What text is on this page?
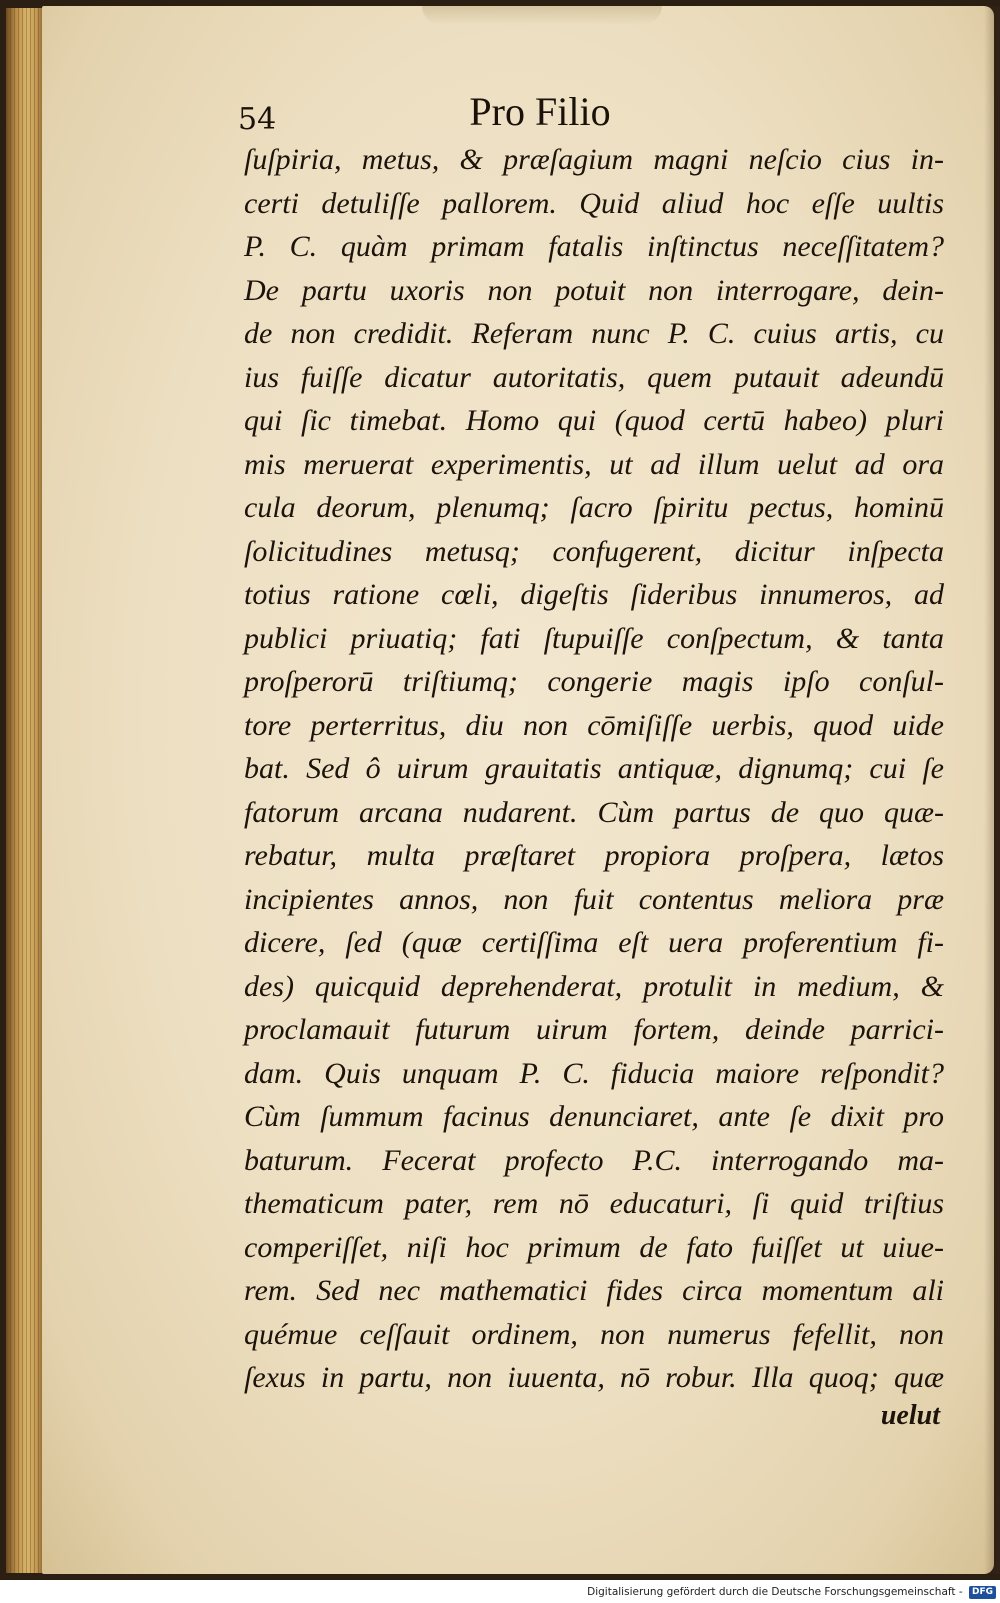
54	Pro Filio
ſuſpiria, metus, & præſagium magni neſcio cius in-
certi detuliſſe pallorem. Quid aliud hoc eſſe uultis
P. C. quàm primam fatalis inſtinctus neceſſitatem?
De partu uxoris non potuit non interrogare, dein-
de non credidit. Referam nunc P. C. cuius artis, cu
ius fuiſſe dicatur autoritatis, quem putauit adeundū
qui ſic timebat. Homo qui (quod certū habeo) pluri
mis meruerat experimentis, ut ad illum uelut ad ora
cula deorum, plenumq; ſacro ſpiritu pectus, hominū
ſolicitudines metusq; confugerent, dicitur inſpecta
totius ratione cœli, digeſtis ſideribus innumeros, ad
publici priuatiq; fati ſtupuiſſe conſpectum, & tanta
proſperorū triſtiumq; congerie magis ipſo conſul-
tore perterritus, diu non cōmiſiſſe uerbis, quod uide
bat. Sed ô uirum grauitatis antiquæ, dignumq; cui ſe
fatorum arcana nudarent. Cùm partus de quo quæ-
rebatur, multa præſtaret propiora proſpera, lætos
incipientes annos, non fuit contentus meliora præ
dicere, ſed (quæ certiſſima eſt uera proferentium fi-
des) quicquid deprehenderat, protulit in medium, &
proclamauit futurum uirum fortem, deinde parrici-
dam. Quis unquam P. C. fiducia maiore reſpondit?
Cùm ſummum facinus denunciaret, ante ſe dixit pro
baturum. Fecerat profecto P.C. interrogando ma-
thematicum pater, rem nō educaturi, ſi quid triſtius
comperiſſet, niſi hoc primum de fato fuiſſet ut uiue-
rem. Sed nec mathematici fides circa momentum ali
quémue ceſſauit ordinem, non numerus fefellit, non
ſexus in partu, non iuuenta, nō robur. Illa quoq; quæ
uelut
Digitalisierung gefördert durch die Deutsche Forschungsgemeinschaft - DFG
